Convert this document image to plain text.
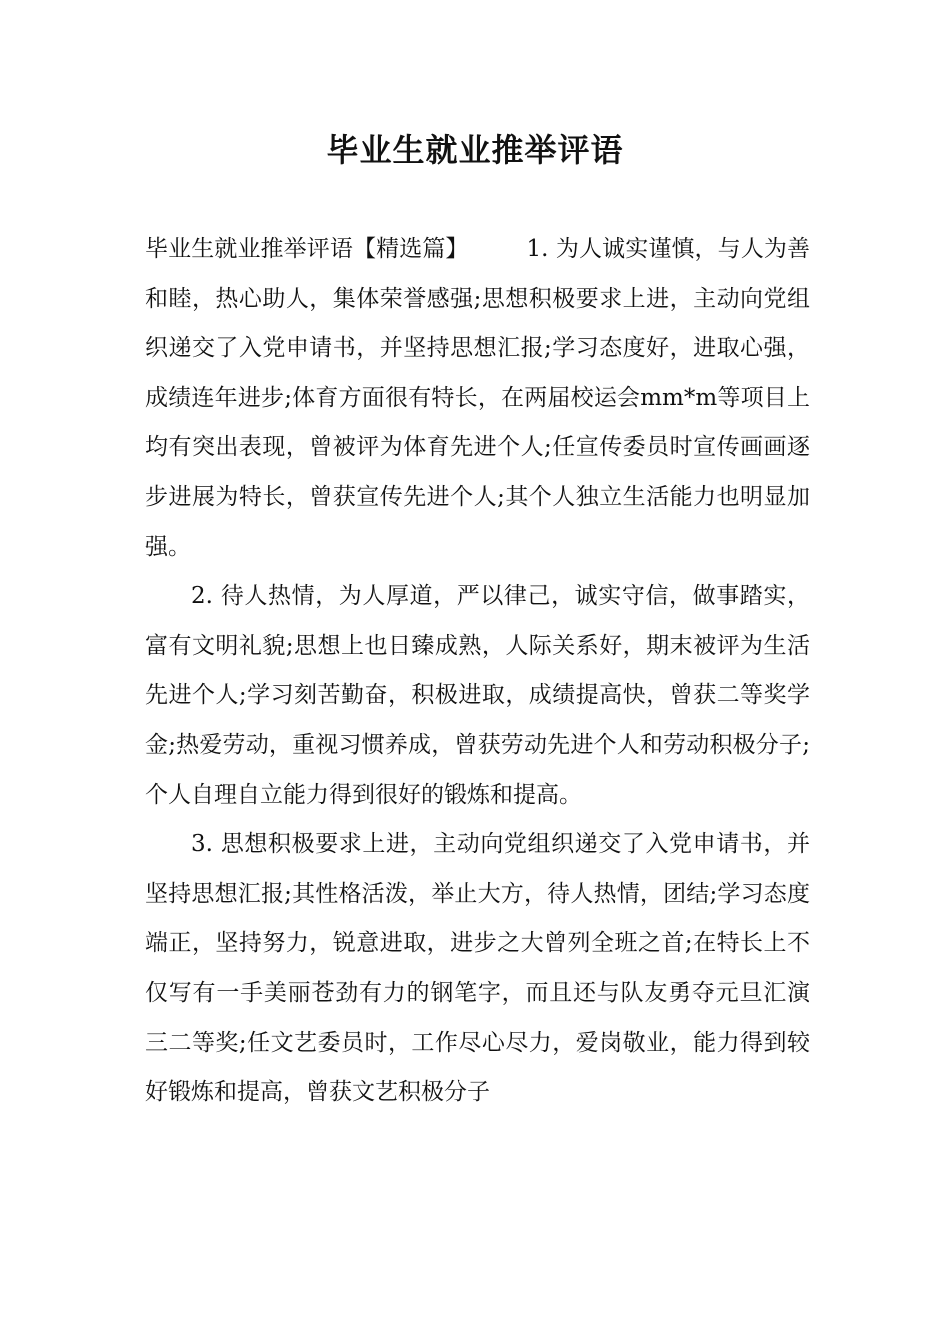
毕业生就业推举评语

毕业生就业推举评语【精选篇】	1. 为人诚实谨慎，与人为善和睦，热心助人，集体荣誉感强;思想积极要求上进，主动向党组织递交了入党申请书，并坚持思想汇报;学习态度好，进取心强，成绩连年进步;体育方面很有特长，在两届校运会mm*m等项目上均有突出表现，曾被评为体育先进个人;任宣传委员时宣传画画逐步进展为特长，曾获宣传先进个人;其个人独立生活能力也明显加强。

2. 待人热情，为人厚道，严以律己，诚实守信，做事踏实，富有文明礼貌;思想上也日臻成熟，人际关系好，期末被评为生活先进个人;学习刻苦勤奋，积极进取，成绩提高快，曾获二等奖学金;热爱劳动，重视习惯养成，曾获劳动先进个人和劳动积极分子;个人自理自立能力得到很好的锻炼和提高。

3. 思想积极要求上进，主动向党组织递交了入党申请书，并坚持思想汇报;其性格活泼，举止大方，待人热情，团结;学习态度端正，坚持努力，锐意进取，进步之大曾列全班之首;在特长上不仅写有一手美丽苍劲有力的钢笔字，而且还与队友勇夺元旦汇演三二等奖;任文艺委员时，工作尽心尽力，爱岗敬业，能力得到较好锻炼和提高，曾获文艺积极分子
